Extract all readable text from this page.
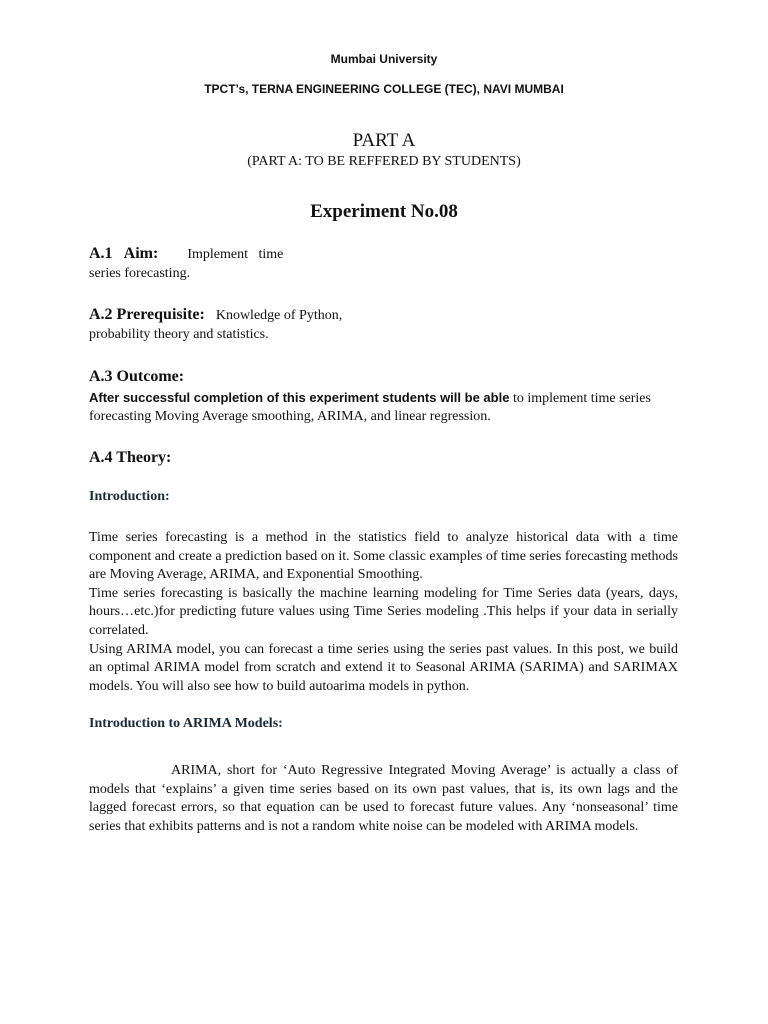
Mumbai University
TPCT’s, TERNA ENGINEERING COLLEGE (TEC), NAVI MUMBAI
PART A
(PART A: TO BE REFFERED BY STUDENTS)
Experiment No.08
A.1   Aim: Implement   time
series forecasting.
A.2 Prerequisite: Knowledge of Python,
probability theory and statistics.
A.3 Outcome:
After successful completion of this experiment students will be able to implement time series forecasting Moving Average smoothing, ARIMA, and linear regression.
A.4 Theory:
Introduction:

Time series forecasting is a method in the statistics field to analyze historical data with a time component and create a prediction based on it. Some classic examples of time series forecasting methods are Moving Average, ARIMA, and Exponential Smoothing.

Time series forecasting is basically the machine learning modeling for Time Series data (years, days, hours…etc.)for predicting future values using Time Series modeling .This helps if your data in serially correlated.

Using ARIMA model, you can forecast a time series using the series past values. In this post, we build an optimal ARIMA model from scratch and extend it to Seasonal ARIMA (SARIMA) and SARIMAX models. You will also see how to build autoarima models in python.

Introduction to ARIMA Models:

ARIMA, short for ‘Auto Regressive Integrated Moving Average’ is actually a class of models that ‘explains’ a given time series based on its own past values, that is, its own lags and the lagged forecast errors, so that equation can be used to forecast future values. Any ‘nonseasonal’ time series that exhibits patterns and is not a random white noise can be modeled with ARIMA models.
